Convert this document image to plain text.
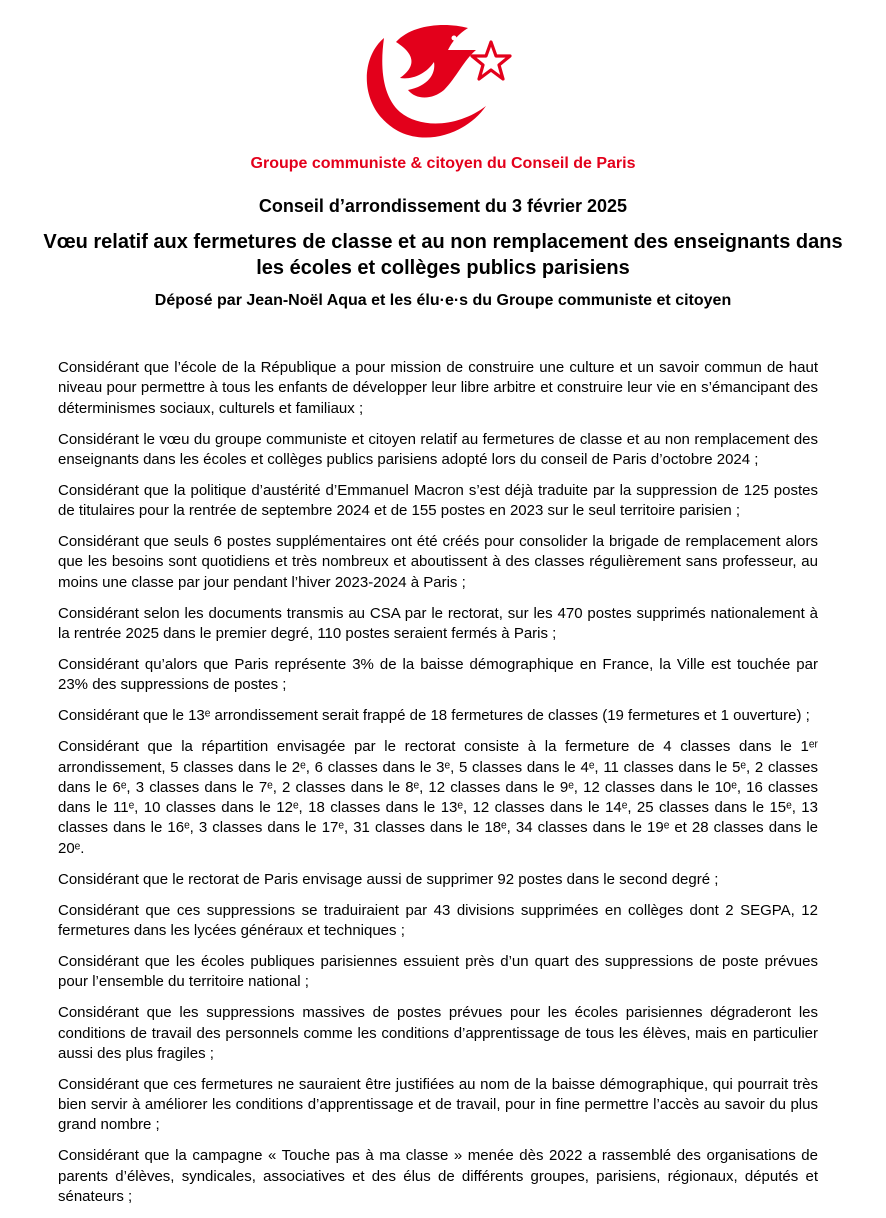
Groupe communiste & citoyen du Conseil de Paris
Conseil d’arrondissement du 3 février 2025
Vœu relatif aux fermetures de classe et au non remplacement des enseignants dans les écoles et collèges publics parisiens
Déposé par Jean-Noël Aqua et les élu·e·s du Groupe communiste et citoyen
Considérant que l’école de la République a pour mission de construire une culture et un savoir commun de haut niveau pour permettre à tous les enfants de développer leur libre arbitre et construire leur vie en s’émancipant des déterminismes sociaux, culturels et familiaux ;
Considérant le vœu du groupe communiste et citoyen relatif au fermetures de classe et au non remplacement des enseignants dans les écoles et collèges publics parisiens adopté lors du conseil de Paris d’octobre 2024 ;
Considérant que la politique d’austérité d’Emmanuel Macron s’est déjà traduite par la suppression de 125 postes de titulaires pour la rentrée de septembre 2024 et de 155 postes en 2023 sur le seul territoire parisien ;
Considérant que seuls 6 postes supplémentaires ont été créés pour consolider la brigade de remplacement alors que les besoins sont quotidiens et très nombreux et aboutissent à des classes régulièrement sans professeur, au moins une classe par jour pendant l’hiver 2023-2024 à Paris ;
Considérant selon les documents transmis au CSA par le rectorat, sur les 470 postes supprimés nationalement à la rentrée 2025 dans le premier degré, 110 postes seraient fermés à Paris ;
Considérant qu’alors que Paris représente 3% de la baisse démographique en France, la Ville est touchée par 23% des suppressions de postes ;
Considérant que le 13ᵉ arrondissement serait frappé de 18 fermetures de classes (19 fermetures et 1 ouverture) ;
Considérant que la répartition envisagée par le rectorat consiste à la fermeture de 4 classes dans le 1ᵉʳ arrondissement, 5 classes dans le 2ᵉ, 6 classes dans le 3ᵉ, 5 classes dans le 4ᵉ, 11 classes dans le 5ᵉ, 2 classes dans le 6ᵉ, 3 classes dans le 7ᵉ, 2 classes dans le 8ᵉ, 12 classes dans le 9ᵉ, 12 classes dans le 10ᵉ, 16 classes dans le 11ᵉ, 10 classes dans le 12ᵉ, 18 classes dans le 13ᵉ, 12 classes dans le 14ᵉ, 25 classes dans le 15ᵉ, 13 classes dans le 16ᵉ, 3 classes dans le 17ᵉ, 31 classes dans le 18ᵉ, 34 classes dans le 19ᵉ et 28 classes dans le 20ᵉ.
Considérant que le rectorat de Paris envisage aussi de supprimer 92 postes dans le second degré ;
Considérant que ces suppressions se traduiraient par 43 divisions supprimées en collèges dont 2 SEGPA, 12 fermetures dans les lycées généraux et techniques ;
Considérant que les écoles publiques parisiennes essuient près d’un quart des suppressions de poste prévues pour l’ensemble du territoire national ;
Considérant que les suppressions massives de postes prévues pour les écoles parisiennes dégraderont les conditions de travail des personnels comme les conditions d’apprentissage de tous les élèves, mais en particulier aussi des plus fragiles ;
Considérant que ces fermetures ne sauraient être justifiées au nom de la baisse démographique, qui pourrait très bien servir à améliorer les conditions d’apprentissage et de travail, pour in fine permettre l’accès au savoir du plus grand nombre ;
Considérant que la campagne « Touche pas à ma classe » menée dès 2022 a rassemblé des organisations de parents d’élèves, syndicales, associatives et des élus de différents groupes, parisiens, régionaux, députés et sénateurs ;
